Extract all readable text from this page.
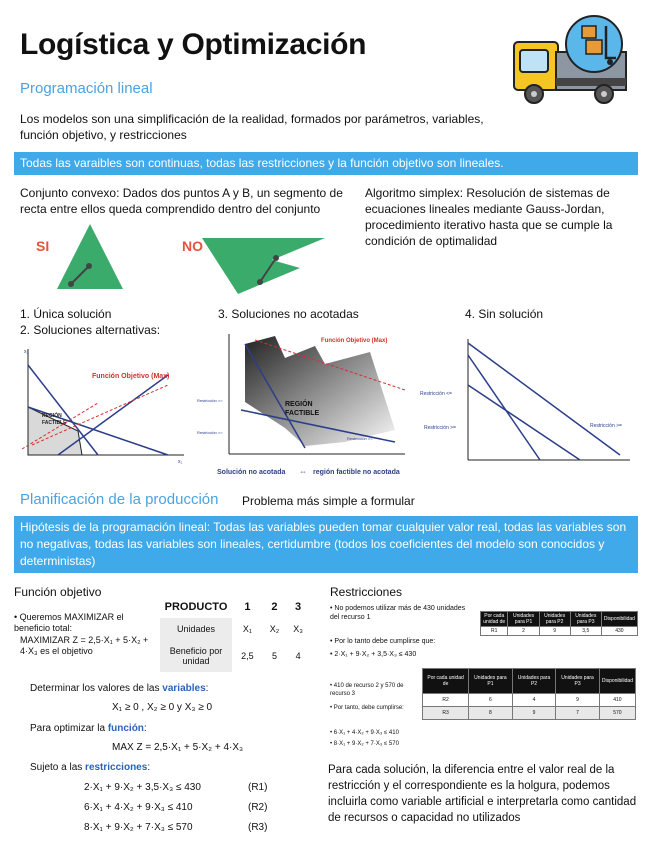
Logística y Optimización
Programación lineal
Los modelos son una simplificación de la realidad, formados por parámetros, variables, función objetivo, y restricciones
Todas las varaibles son continuas, todas las restricciones y la función objetivo son lineales.
Conjunto convexo: Dados dos puntos A y B, un segmento de recta entre ellos queda comprendido dentro del conjunto
Algoritmo simplex: Resolución de sistemas de ecuaciones lineales mediante Gauss-Jordan, procedimiento iterativo hasta que se cumple la condición de optimalidad
SI	NO
1. Única solución
2. Soluciones alternativas:
3. Soluciones no acotadas	4. Sin solución
x₂
x₁
Función Objetivo (Max)
REGIÓN
FACTIBLE
Función Objetivo (Max)
REGIÓN
FACTIBLE
Restricción >=
Restricción >=
Restricción >=
Solución no acotada ⇔ región factible no acotada
Restricción <=
Restricción >=	Restricción >=
Planificación de la producción Problema más simple a formular
Hipótesis de la programación lineal: Todas las variables pueden tomar cualquier valor real, todas las variables son no negativas, todas las variables son lineales, certidumbre (todos los coeficientes del modelo son conocidos y deterministas)
Función objetivo
• Queremos MAXIMIZAR el beneficio total:
MAXIMIZAR Z = 2,5·X₁ + 5·X₂ + 4·X₃ es el objetivo
PRODUCTO	1	2	3
Unidades	X₁	X₂	X₃
Beneficio por unidad	2,5	5	4
Determinar los valores de las variables:
X₁ ≥ 0 , X₂ ≥ 0 y X₃ ≥ 0
Para optimizar la función:
MAX Z = 2,5·X₁ + 5·X₂ + 4·X₃
Sujeto a las restricciones:
2·X₁ + 9·X₂ + 3,5·X₃ ≤ 430	(R1)
6·X₁ + 4·X₂ + 9·X₃ ≤ 410	(R2)
8·X₁ + 9·X₂ + 7·X₃ ≤ 570	(R3)
Restricciones
• No podemos utilizar más de 430 unidades del recurso 1
• Por lo tanto debe cumplirse que:
• 2·X₁ + 9·X₂ + 3,5·X₃ ≤ 430
Por cada unidad de	Unidades para P1	Unidades para P2	Unidades para P3	Disponibilidad
R1	2	9	3,5	430
• 410 de recurso 2 y 570 de recurso 3
• Por tanto, debe cumplirse:
• 6·X₁ + 4·X₂ + 9·X₃ ≤ 410
• 8·X₁ + 9·X₂ + 7·X₃ ≤ 570
Por cada unidad de	Unidades para P1	Unidades para P2	Unidades para P3	Disponibilidad
R2	6	4	9	410
R3	8	9	7	570
Para cada solución, la diferencia entre el valor real de la restricción y el correspondiente es la holgura, podemos incluirla como variable artificial e interpretarla como cantidad de recursos o capacidad no utilizados
